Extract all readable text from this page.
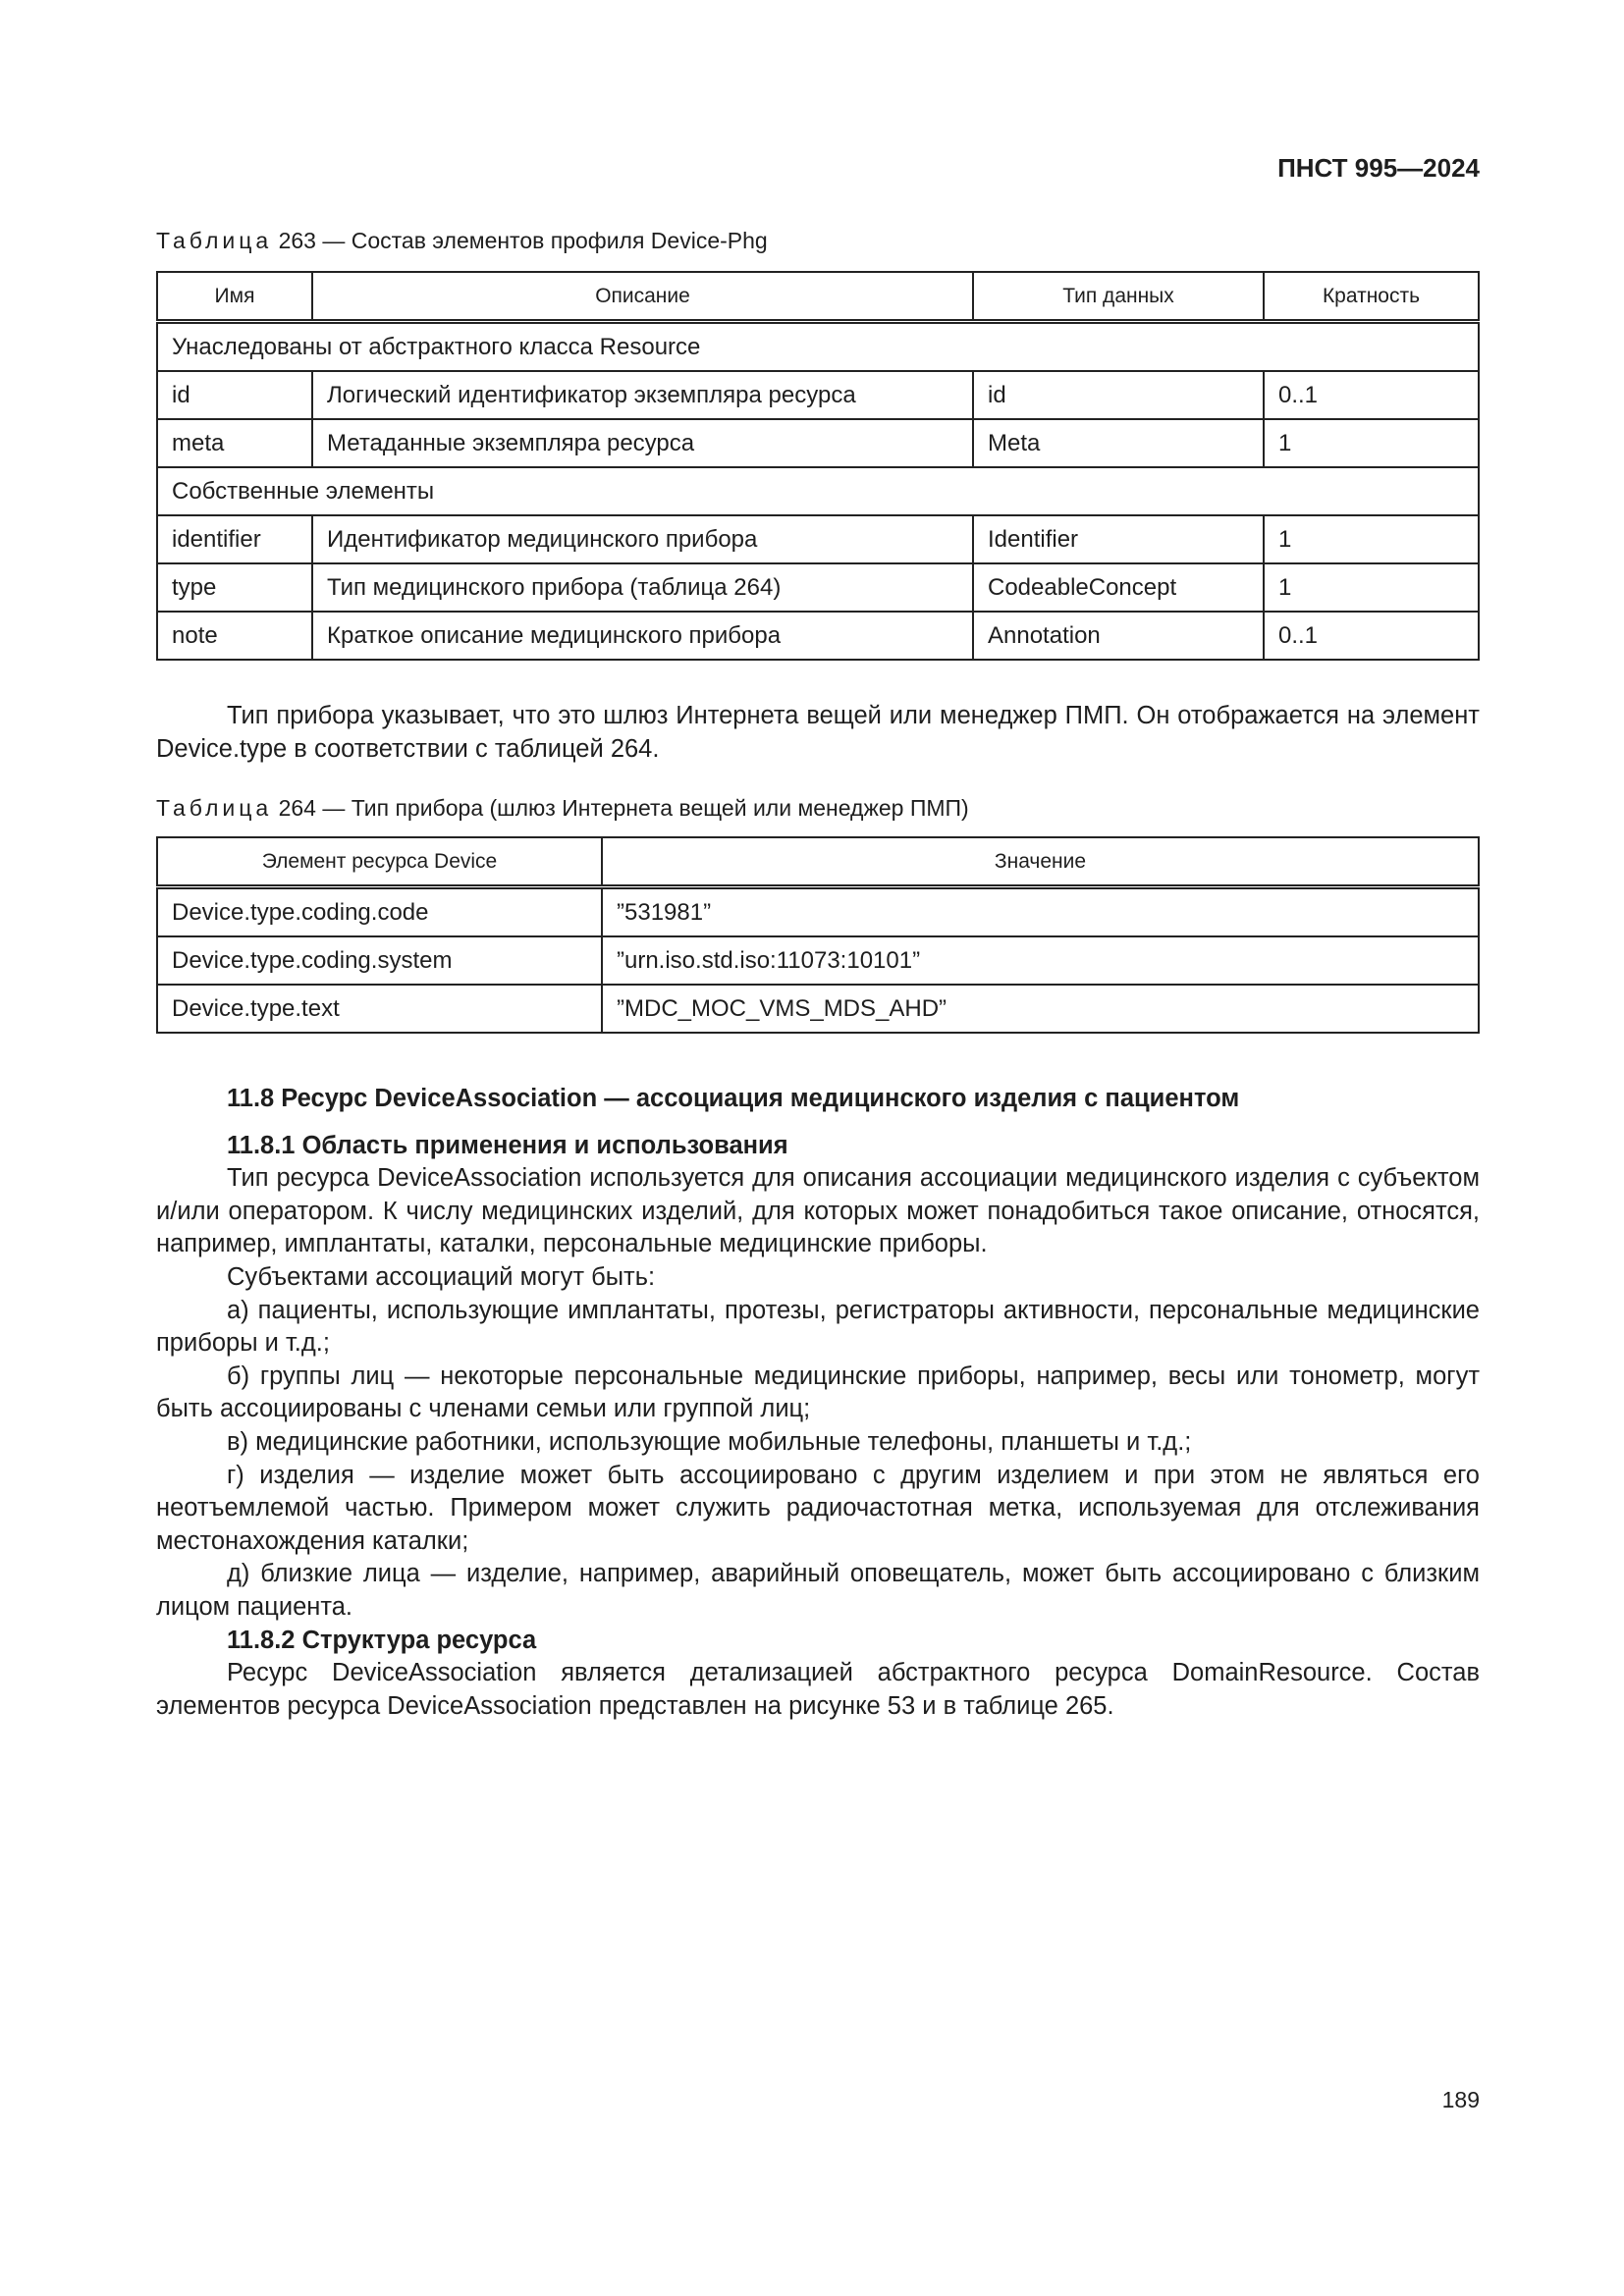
ПНСТ 995—2024
Таблица 263 — Состав элементов профиля Device-Phg
Имя	Описание	Тип данных	Кратность
Унаследованы от абстрактного класса Resource			
id	Логический идентификатор экземпляра ресурса	id	0..1
meta	Метаданные экземпляра ресурса	Meta	1
Собственные элементы			
identifier	Идентификатор медицинского прибора	Identifier	1
type	Тип медицинского прибора (таблица 264)	CodeableConcept	1
note	Краткое описание медицинского прибора	Annotation	0..1

Тип прибора указывает, что это шлюз Интернета вещей или менеджер ПМП. Он отображается на элемент Device.type в соответствии с таблицей 264.

Таблица 264 — Тип прибора (шлюз Интернета вещей или менеджер ПМП)
Элемент ресурса Device	Значение
Device.type.coding.code	”531981”
Device.type.coding.system	”urn.iso.std.iso:11073:10101”
Device.type.text	”MDC_MOC_VMS_MDS_AHD”
11.8 Ресурс DeviceAssociation — ассоциация медицинского изделия с пациентом
11.8.1 Область применения и использования

Тип ресурса DeviceAssociation используется для описания ассоциации медицинского изделия с субъектом и/или оператором. К числу медицинских изделий, для которых может понадобиться такое описание, относятся, например, имплантаты, каталки, персональные медицинские приборы.

Субъектами ассоциаций могут быть:

а) пациенты, использующие имплантаты, протезы, регистраторы активности, персональные медицинские приборы и т.д.;

б) группы лиц — некоторые персональные медицинские приборы, например, весы или тонометр, могут быть ассоциированы с членами семьи или группой лиц;

в) медицинские работники, использующие мобильные телефоны, планшеты и т.д.;

г) изделия — изделие может быть ассоциировано с другим изделием и при этом не являться его неотъемлемой частью. Примером может служить радиочастотная метка, используемая для отслеживания местонахождения каталки;

д) близкие лица — изделие, например, аварийный оповещатель, может быть ассоциировано с близким лицом пациента.

11.8.2 Структура ресурса

Ресурс DeviceAssociation является детализацией абстрактного ресурса DomainResource. Состав элементов ресурса DeviceAssociation представлен на рисунке 53 и в таблице 265.

189
